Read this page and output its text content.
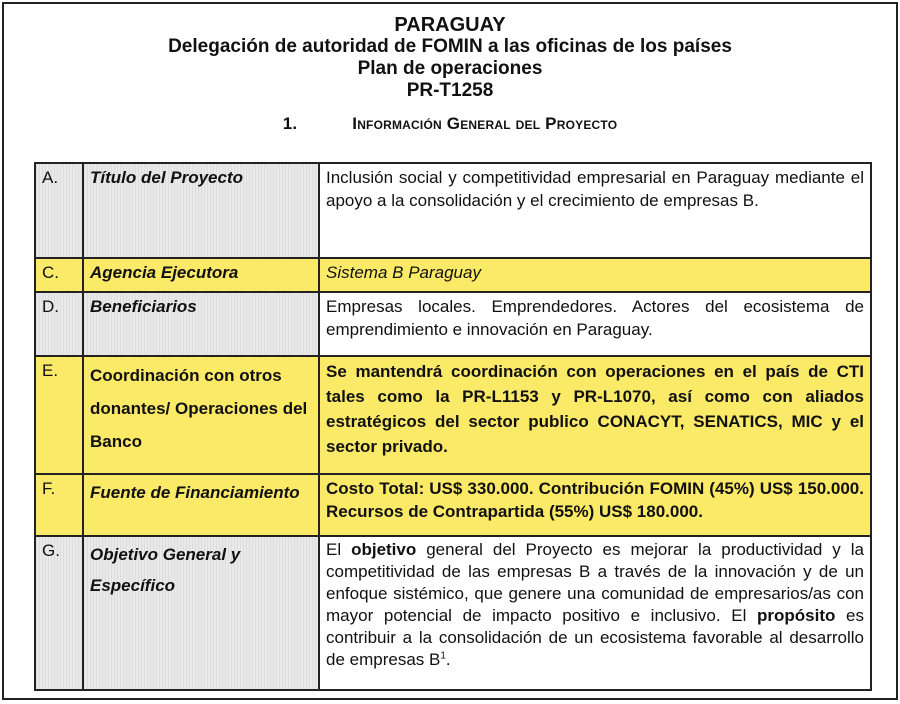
PARAGUAY
Delegación de autoridad de FOMIN a las oficinas de los países
Plan de operaciones
PR-T1258
1.	Información General del Proyecto
A.	Título del Proyecto	Inclusión social y competitividad empresarial en Paraguay mediante el apoyo a la consolidación y el crecimiento de empresas B.
C.	Agencia Ejecutora	Sistema B Paraguay
D.	Beneficiarios	Empresas locales. Emprendedores. Actores del ecosistema de emprendimiento e innovación en Paraguay.
E.	Coordinación con otros donantes/ Operaciones del Banco	Se mantendrá coordinación con operaciones en el país de CTI tales como la PR-L1153 y PR-L1070, así como con aliados estratégicos del sector publico CONACYT, SENATICS, MIC y el sector privado.
F.	Fuente de Financiamiento	Costo Total: US$ 330.000. Contribución FOMIN (45%) US$ 150.000. Recursos de Contrapartida (55%) US$ 180.000.
G.	Objetivo General y Específico	El objetivo general del Proyecto es mejorar la productividad y la competitividad de las empresas B a través de la innovación y de un enfoque sistémico, que genere una comunidad de empresarios/as con mayor potencial de impacto positivo e inclusivo. El propósito es contribuir a la consolidación de un ecosistema favorable al desarrollo de empresas $B^1$.
